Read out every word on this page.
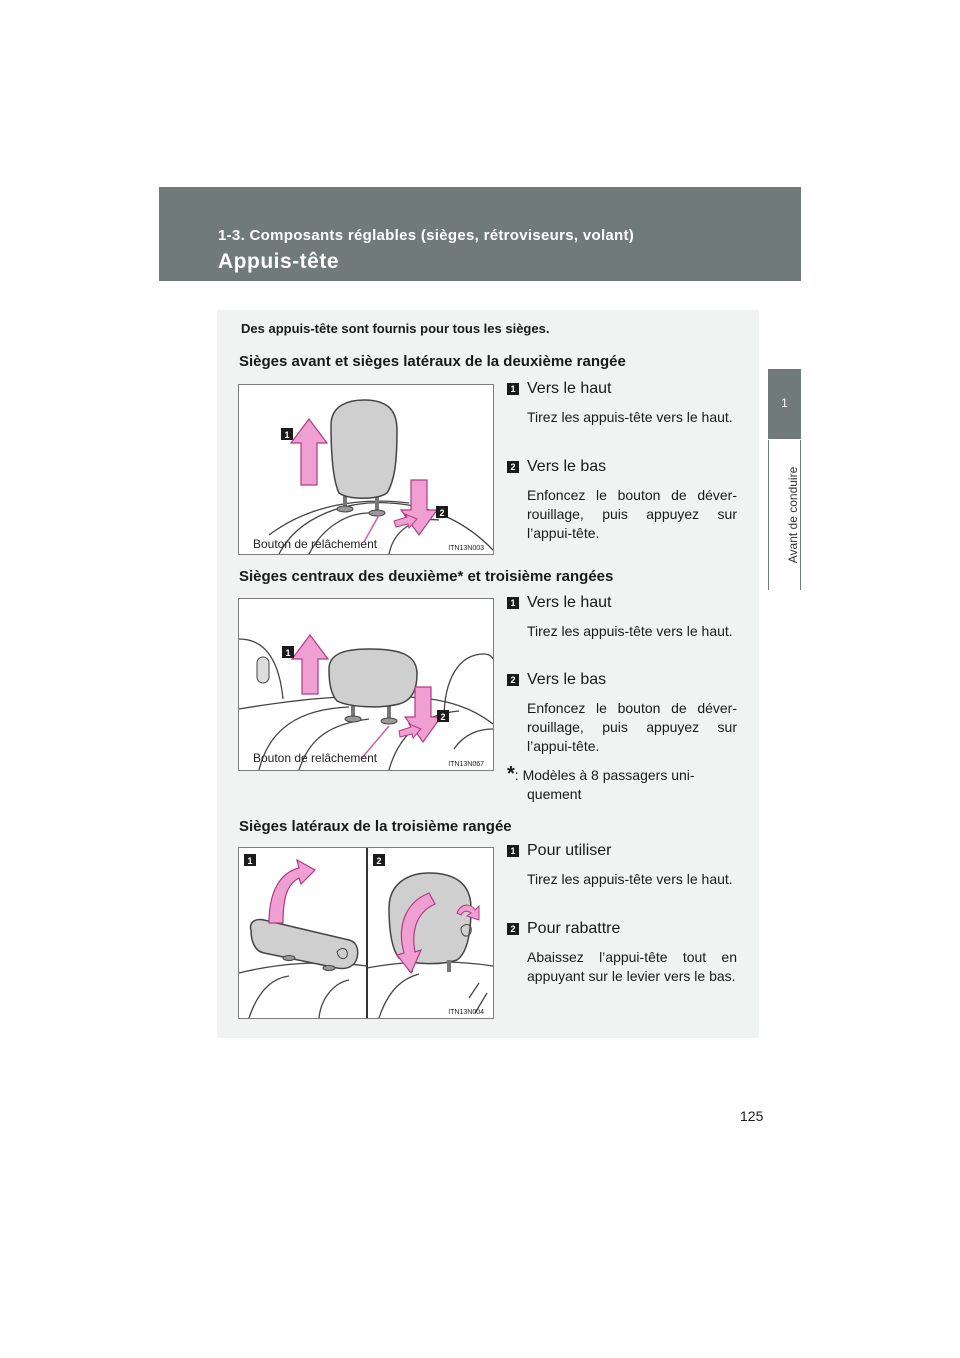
1-3. Composants réglables (sièges, rétroviseurs, volant)
Appuis-tête
1
Avant de conduire
Des appuis-tête sont fournis pour tous les sièges.
Sièges avant et sièges latéraux de la deuxième rangée
1
2
Bouton de relâchement	ITN13N003
1 Vers le haut
Tirez les appuis-tête vers le haut.
2 Vers le bas
Enfoncez le bouton de déver-rouillage, puis appuyez sur l’appui-tête.
Sièges centraux des deuxième* et troisième rangées
1
2
Bouton de relâchement	ITN13N067
1 Vers le haut
Tirez les appuis-tête vers le haut.
2 Vers le bas
Enfoncez le bouton de déver-rouillage, puis appuyez sur l’appui-tête.
*: Modèles à 8 passagers uni-quement
Sièges latéraux de la troisième rangée
1	2
ITN13N004
1 Pour utiliser
Tirez les appuis-tête vers le haut.
2 Pour rabattre
Abaissez l’appui-tête tout en appuyant sur le levier vers le bas.
125
